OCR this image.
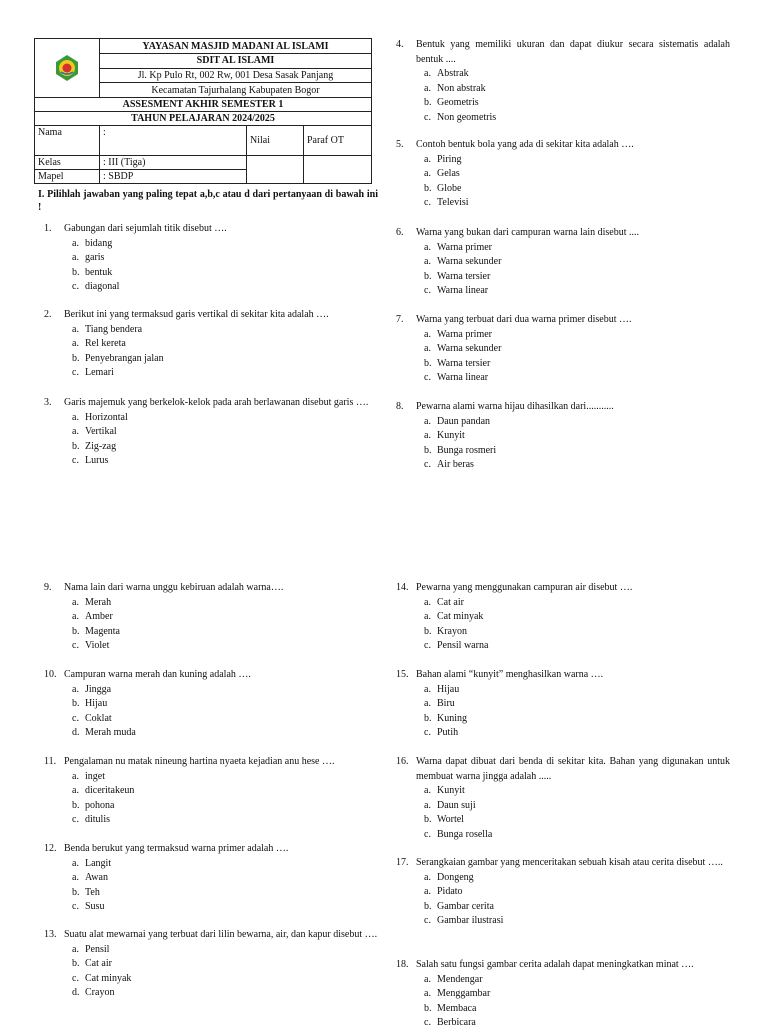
	YAYASAN MASJID MADANI AL ISLAMI		
	SDIT AL ISLAMI		
	Jl. Kp Pulo Rt, 002 Rw, 001 Desa Sasak Panjang		
	Kecamatan Tajurhalang Kabupaten Bogor		
ASSESMENT AKHIR SEMESTER 1			
TAHUN PELAJARAN 2024/2025			
Nama	:	Nilai	Paraf OT
Kelas	: III (Tiga)		
Mapel	: SBDP		
I. Pilihlah jawaban yang paling tepat a,b,c atau d dari pertanyaan di bawah ini !
1. Gabungan dari sejumlah titik disebut ….
a. bidang
a. garis
b. bentuk
c. diagonal
2. Berikut ini yang termaksud garis vertikal di sekitar kita adalah ….
a. Tiang bendera
a. Rel kereta
b. Penyebrangan jalan
c. Lemari
3. Garis majemuk yang berkelok-kelok pada arah berlawanan disebut garis ….
a. Horizontal
a. Vertikal
b. Zig-zag
c. Lurus
4. Bentuk yang memiliki ukuran dan dapat diukur secara sistematis adalah bentuk ....
a. Abstrak
a. Non abstrak
b. Geometris
c. Non geometris
5. Contoh bentuk bola yang ada di sekitar kita adalah ….
a. Piring
a. Gelas
b. Globe
c. Televisi
6. Warna yang bukan dari campuran warna lain disebut ....
a. Warna primer
a. Warna sekunder
b. Warna tersier
c. Warna linear
7. Warna yang terbuat dari dua warna primer disebut ….
a. Warna primer
a. Warna sekunder
b. Warna tersier
c. Warna linear
8. Pewarna alami warna hijau dihasilkan dari...........
a. Daun pandan
a. Kunyit
b. Bunga rosmeri
c. Air beras
9. Nama lain dari warna unggu kebiruan adalah warna….
a. Merah
a. Amber
b. Magenta
c. Violet
10. Campuran warna merah dan kuning adalah ….
a. Jingga
b. Hijau
c. Coklat
d. Merah muda
11. Pengalaman nu matak nineung hartina nyaeta kejadian anu hese ….
a. inget
a. diceritakeun
b. pohona
c. ditulis
12. Benda berukut yang termaksud warna primer adalah ….
a. Langit
a. Awan
b. Teh
c. Susu
13. Suatu alat mewarnai yang terbuat dari lilin bewarna, air, dan kapur disebut ….
a. Pensil
b. Cat air
c. Cat minyak
d. Crayon
14. Pewarna yang menggunakan campuran air disebut ….
a. Cat air
a. Cat minyak
b. Krayon
c. Pensil warna
15. Bahan alami “kunyit” menghasilkan warna ….
a. Hijau
a. Biru
b. Kuning
c. Putih
16. Warna dapat dibuat dari benda di sekitar kita. Bahan yang digunakan untuk membuat warna jingga adalah .....
a. Kunyit
a. Daun suji
b. Wortel
c. Bunga rosella
17. Serangkaian gambar yang menceritakan sebuah kisah atau cerita disebut …..
a. Dongeng
a. Pidato
b. Gambar cerita
c. Gambar ilustrasi
18. Salah satu fungsi gambar cerita adalah dapat meningkatkan minat ….
a. Mendengar
a. Menggambar
b. Membaca
c. Berbicara
